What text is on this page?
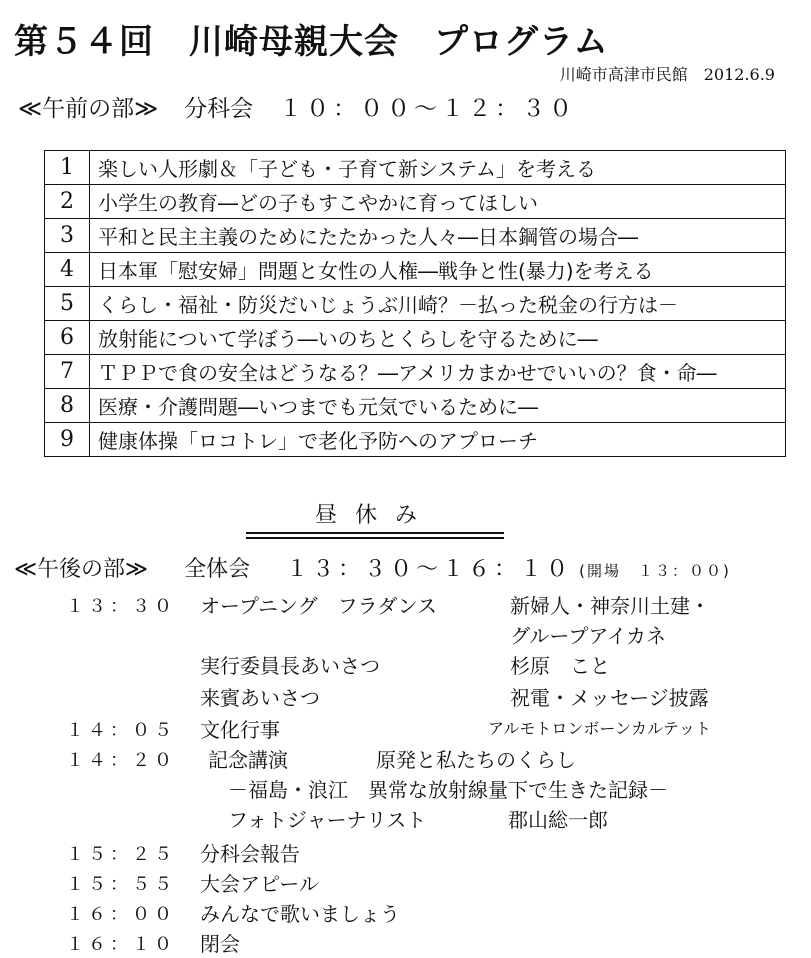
第５４回　川崎母親大会　プログラム
川崎市高津市民館　2012.6.9
≪午前の部≫ 分科会 １０：００～１２：３０
1	楽しい人形劇＆「子ども・子育て新システム」を考える
2	小学生の教育―どの子もすこやかに育ってほしい
3	平和と民主主義のためにたたかった人々―日本鋼管の場合―
4	日本軍「慰安婦」問題と女性の人権―戦争と性(暴力)を考える
5	くらし・福祉・防災だいじょうぶ川崎？－払った税金の行方は－
6	放射能について学ぼう―いのちとくらしを守るために―
7	ＴＰＰで食の安全はどうなる？―アメリカまかせでいいの？食・命―
8	医療・介護問題―いつまでも元気でいるために―
9	健康体操「ロコトレ」で老化予防へのアプローチ
昼休み
≪午後の部≫ 全体会 １３：３０～１６：１０ (開場　１３：００)
１３：３０ オープニング　フラダンス	新婦人・神奈川土建・
グループアイカネ
実行委員長あいさつ	杉原　こと
来賓あいさつ	祝電・メッセージ披露
１４：０５ 文化行事	アルモトロンボーンカルテット
１４：２０ 記念講演	原発と私たちのくらし
－福島・浪江　異常な放射線量下で生きた記録－
フォトジャーナリスト	郡山総一郎
１５：２５ 分科会報告
１５：５５ 大会アピール
１６：００ みんなで歌いましょう
１６：１０ 閉会
